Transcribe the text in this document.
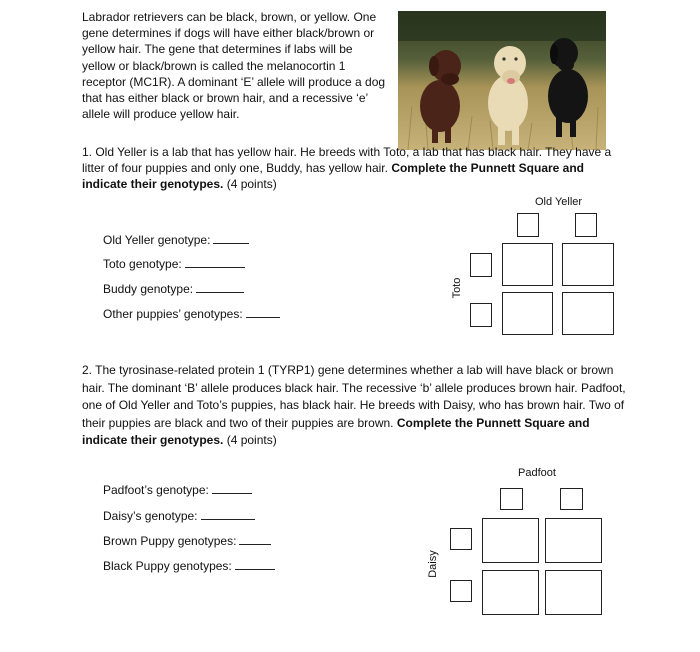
Labrador retrievers can be black, brown, or yellow. One gene determines if dogs will have either black/brown or yellow hair. The gene that determines if labs will be yellow or black/brown is called the melanocortin 1 receptor (MC1R). A dominant ‘E’ allele will produce a dog that has either black or brown hair, and a recessive ‘e’ allele will produce yellow hair.
1. Old Yeller is a lab that has yellow hair. He breeds with Toto, a lab that has black hair. They have a litter of four puppies and only one, Buddy, has yellow hair. Complete the Punnett Square and indicate their genotypes. (4 points)
Old Yeller genotype:
Toto genotype:
Buddy genotype:
Other puppies’ genotypes:
Old Yeller
Toto
2. The tyrosinase-related protein 1 (TYRP1) gene determines whether a lab will have black or brown hair. The dominant ‘B’ allele produces black hair. The recessive ‘b’ allele produces brown hair. Padfoot, one of Old Yeller and Toto’s puppies, has black hair. He breeds with Daisy, who has brown hair. Two of their puppies are black and two of their puppies are brown. Complete the Punnett Square and indicate their genotypes. (4 points)
Padfoot’s genotype:
Daisy’s genotype:
Brown Puppy genotypes:
Black Puppy genotypes:
Padfoot
Daisy
